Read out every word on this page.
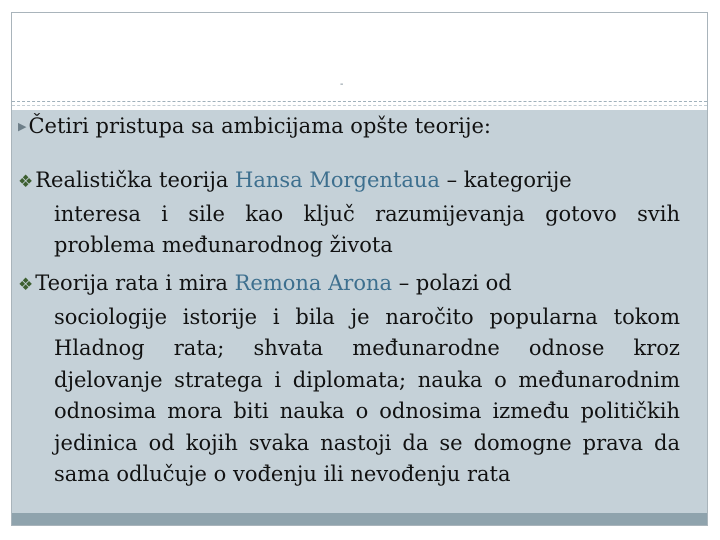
-
▶Četiri pristupa sa ambicijama opšte teorije:
❖Realistička teorija Hansa Morgentaua – kategorije
interesa i sile kao ključ razumijevanja gotovo svih problema međunarodnog života
❖Teorija rata i mira Remona Arona – polazi od
sociologije istorije i bila je naročito popularna tokom Hladnog rata; shvata međunarodne odnose kroz djelovanje stratega i diplomata; nauka o međunarodnim odnosima mora biti nauka o odnosima između političkih jedinica od kojih svaka nastoji da se domogne prava da sama odlučuje o vođenju ili nevođenju rata
